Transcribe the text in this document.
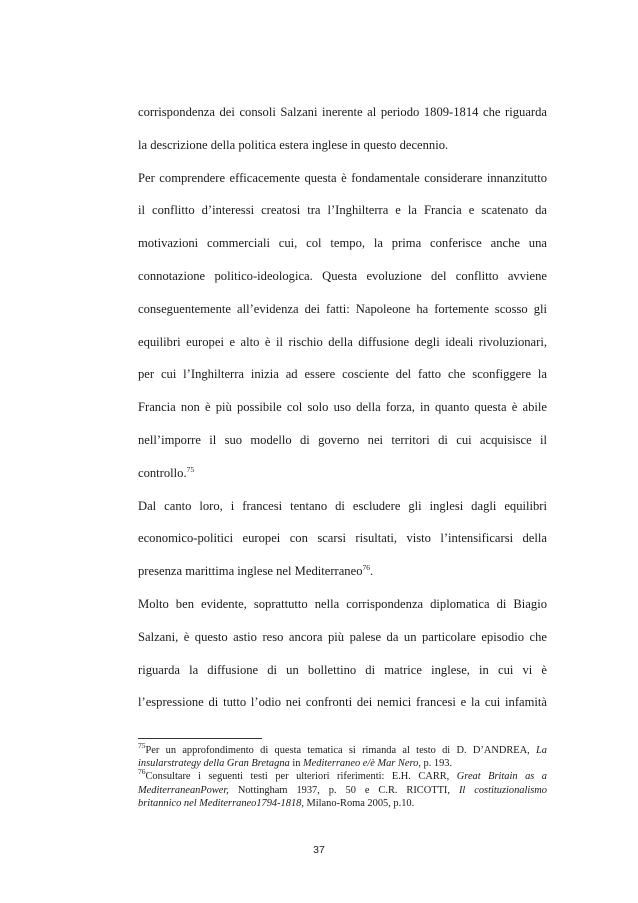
corrispondenza dei consoli Salzani inerente al periodo 1809-1814 che riguarda
la descrizione della politica estera inglese in questo decennio.
Per comprendere efficacemente questa è fondamentale considerare innanzitutto
il conflitto d’interessi creatosi tra l’Inghilterra e la Francia e scatenato da
motivazioni commerciali cui, col tempo, la prima conferisce anche una
connotazione politico-ideologica. Questa evoluzione del conflitto avviene
conseguentemente all’evidenza dei fatti: Napoleone ha fortemente scosso gli
equilibri europei e alto è il rischio della diffusione degli ideali rivoluzionari,
per cui l’Inghilterra inizia ad essere cosciente del fatto che sconfiggere la
Francia non è più possibile col solo uso della forza, in quanto questa è abile
nell’imporre il suo modello di governo nei territori di cui acquisisce il
controllo.$^{75}$
Dal canto loro, i francesi tentano di escludere gli inglesi dagli equilibri
economico-politici europei con scarsi risultati, visto l’intensificarsi della
presenza marittima inglese nel Mediterraneo$^{76}$.
Molto ben evidente, soprattutto nella corrispondenza diplomatica di Biagio
Salzani, è questo astio reso ancora più palese da un particolare episodio che
riguarda la diffusione di un bollettino di matrice inglese, in cui vi è
l’espressione di tutto l’odio nei confronti dei nemici francesi e la cui infamità
$^{75}$Per un approfondimento di questa tematica si rimanda al testo di D. D’ANDREA, La
insularstrategy della Gran Bretagna in Mediterraneo e/è Mar Nero, p. 193.
$^{76}$Consultare i seguenti testi per ulteriori riferimenti: E.H. CARR, Great Britain as a
MediterraneanPower, Nottingham 1937, p. 50 e C.R. RICOTTI, Il costituzionalismo
britannico nel Mediterraneo1794-1818, Milano-Roma 2005, p.10.
37
